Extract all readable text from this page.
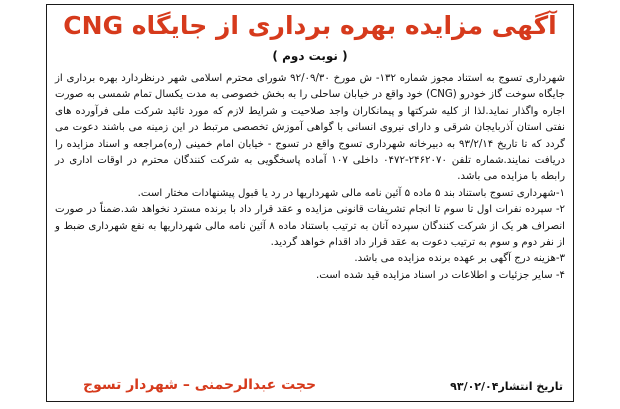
آگهی مزایده بهره برداری از جایگاه CNG
( نوبت دوم )

شهرداری تسوج به استناد مجوز شماره ۱۳۲- ش مورخ ۹۲/۰۹/۳۰ شورای محترم اسلامی شهر درنظردارد بهره برداری از جایگاه سوخت گاز خودرو (CNG) خود واقع در خیابان ساحلی را به بخش خصوصی به مدت یکسال تمام شمسی به صورت اجاره واگذار نماید.لذا از کلیه شرکتها و پیمانکاران واجد صلاحیت و شرایط لازم که مورد تائید شرکت ملی فرآورده های نفتی استان آذربایجان شرقی و دارای نیروی انسانی با گواهی آموزش تخصصی مرتبط در این زمینه می باشند دعوت می گردد که تا تاریخ ۹۳/۲/۱۴ به دبیرخانه شهرداری تسوج واقع در تسوج - خیابان امام خمینی (ره)مراجعه و اسناد مزایده را دریافت نمایند.شماره تلفن ۲۴۶۲۰۷۰-۰۴۷۲ داخلی ۱۰۷ آماده پاسخگویی به شرکت کنندگان محترم در اوقات اداری در رابطه با مزایده می باشد.

۱-شهرداری تسوج باستناد بند ۵ ماده ۵ آئین نامه مالی شهرداریها در رد یا قبول پیشنهادات مختار است.

۲- سپرده نفرات اول تا سوم تا انجام تشریفات قانونی مزایده و عقد قرار داد با برنده مسترد نخواهد شد.ضمناً در صورت انصراف هر یک از شرکت کنندگان سپرده آنان به ترتیب باستناد ماده ۸ آئین نامه مالی شهرداریها به نفع شهرداری ضبط و از نفر دوم و سوم به ترتیب دعوت به عقد قرار داد اقدام خواهد گردید.

۳-هزینه درج آگهی بر عهده برنده مزایده می باشد.

۴- سایر جزئیات و اطلاعات در اسناد مزایده قید شده است.

تاریخ انتشار۹۳/۰۲/۰۴
حجت عبدالرحمنی – شهردار تسوج
